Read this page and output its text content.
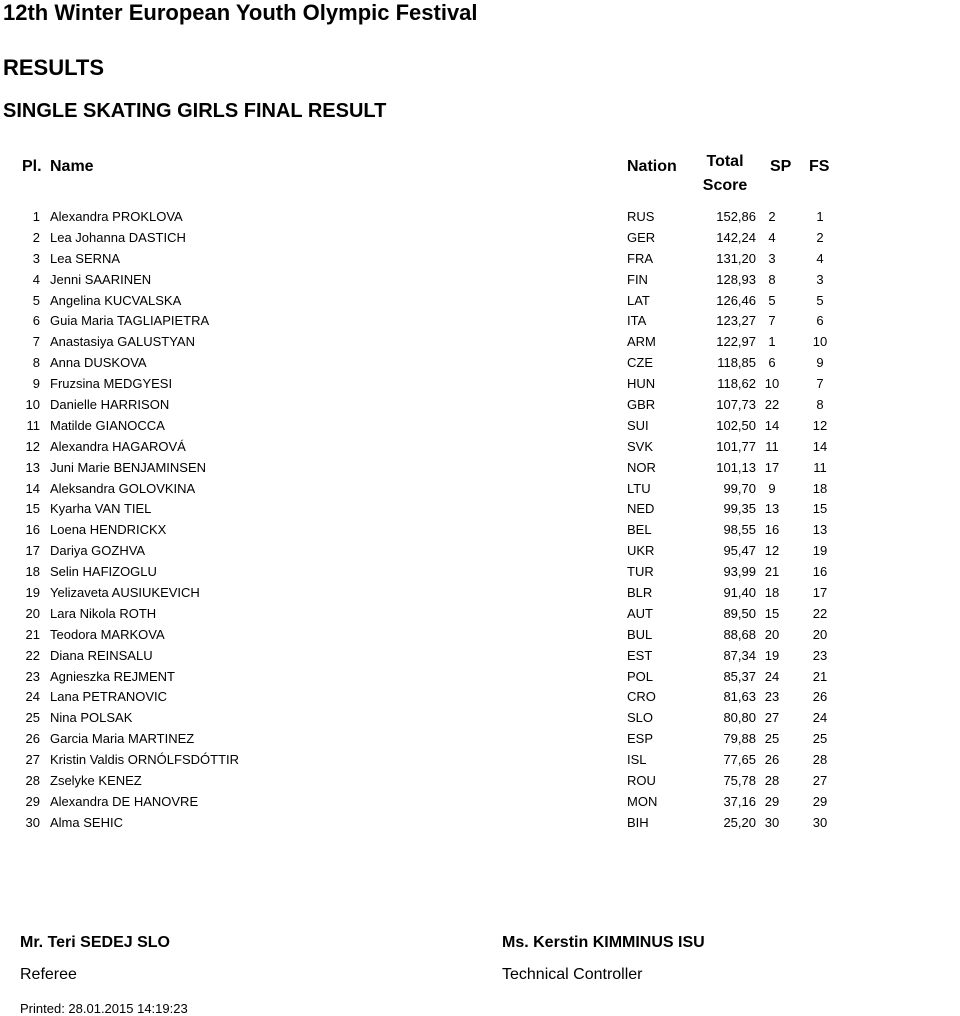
12th Winter European Youth Olympic Festival
RESULTS
SINGLE SKATING GIRLS FINAL RESULT
Pl. Name	Nation	Total Score
SP FS
1 Alexandra PROKLOVA	RUS	152,86 2	1
2 Lea Johanna DASTICH	GER	142,24 4	2
3 Lea SERNA	FRA	131,20 3	4
4 Jenni SAARINEN	FIN	128,93 8	3
5 Angelina KUCVALSKA	LAT	126,46 5	5
6 Guia Maria TAGLIAPIETRA	ITA	123,27 7	6
7 Anastasiya GALUSTYAN	ARM	122,97 1	10
8 Anna DUSKOVA	CZE	118,85 6	9
9 Fruzsina MEDGYESI	HUN	118,62 10	7
10 Danielle HARRISON	GBR	107,73 22	8
11 Matilde GIANOCCA	SUI	102,50 14	12
12 Alexandra HAGAROVÁ	SVK	101,77 11	14
13 Juni Marie BENJAMINSEN	NOR	101,13 17	11
14 Aleksandra GOLOVKINA	LTU	99,70 9	18
15 Kyarha VAN TIEL	NED	99,35 13	15
16 Loena HENDRICKX	BEL	98,55 16	13
17 Dariya GOZHVA	UKR	95,47 12	19
18 Selin HAFIZOGLU	TUR	93,99 21	16
19 Yelizaveta AUSIUKEVICH	BLR	91,40 18	17
20 Lara Nikola ROTH	AUT	89,50 15	22
21 Teodora MARKOVA	BUL	88,68 20	20
22 Diana REINSALU	EST	87,34 19	23
23 Agnieszka REJMENT	POL	85,37 24	21
24 Lana PETRANOVIC	CRO	81,63 23	26
25 Nina POLSAK	SLO	80,80 27	24
26 Garcia Maria MARTINEZ	ESP	79,88 25	25
27 Kristin Valdis ORNÓLFSDÓTTIR	ISL	77,65 26	28
28 Zselyke KENEZ	ROU	75,78 28	27
29 Alexandra DE HANOVRE	MON	37,16 29	29
30 Alma SEHIC	BIH	25,20 30	30
Mr. Teri SEDEJ SLO
Referee
Ms. Kerstin KIMMINUS ISU
Technical Controller
Printed: 28.01.2015 14:19:23
